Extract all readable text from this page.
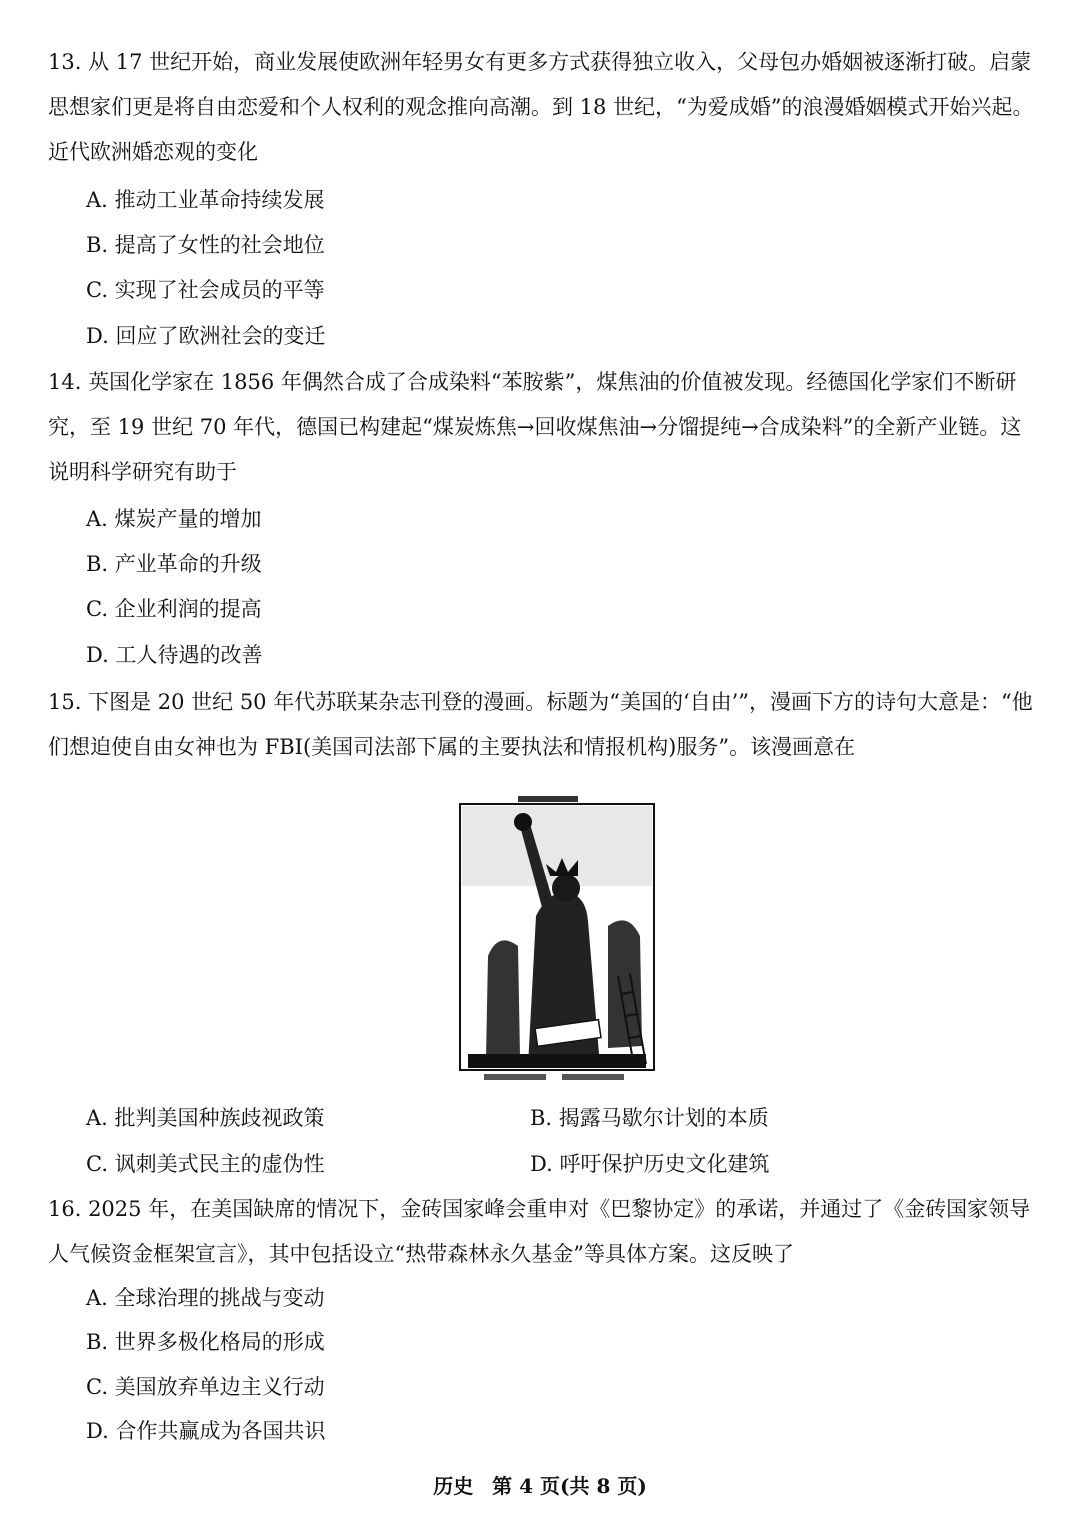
13. 从 17 世纪开始，商业发展使欧洲年轻男女有更多方式获得独立收入，父母包办婚姻被逐渐打破。启蒙思想家们更是将自由恋爱和个人权利的观念推向高潮。到 18 世纪，“为爱成婚”的浪漫婚姻模式开始兴起。近代欧洲婚恋观的变化
A. 推动工业革命持续发展
B. 提高了女性的社会地位
C. 实现了社会成员的平等
D. 回应了欧洲社会的变迁
14. 英国化学家在 1856 年偶然合成了合成染料“苯胺紫”，煤焦油的价值被发现。经德国化学家们不断研究，至 19 世纪 70 年代，德国已构建起“煤炭炼焦→回收煤焦油→分馏提纯→合成染料”的全新产业链。这说明科学研究有助于
A. 煤炭产量的增加
B. 产业革命的升级
C. 企业利润的提高
D. 工人待遇的改善
15. 下图是 20 世纪 50 年代苏联某杂志刊登的漫画。标题为“美国的‘自由’”，漫画下方的诗句大意是：“他们想迫使自由女神也为 FBI(美国司法部下属的主要执法和情报机构)服务”。该漫画意在
A. 批判美国种族歧视政策	B. 揭露马歇尔计划的本质
C. 讽刺美式民主的虚伪性	D. 呼吁保护历史文化建筑
16. 2025 年，在美国缺席的情况下，金砖国家峰会重申对《巴黎协定》的承诺，并通过了《金砖国家领导人气候资金框架宣言》，其中包括设立“热带森林永久基金”等具体方案。这反映了
A. 全球治理的挑战与变动
B. 世界多极化格局的形成
C. 美国放弃单边主义行动
D. 合作共赢成为各国共识
历史 第 4 页(共 8 页)
